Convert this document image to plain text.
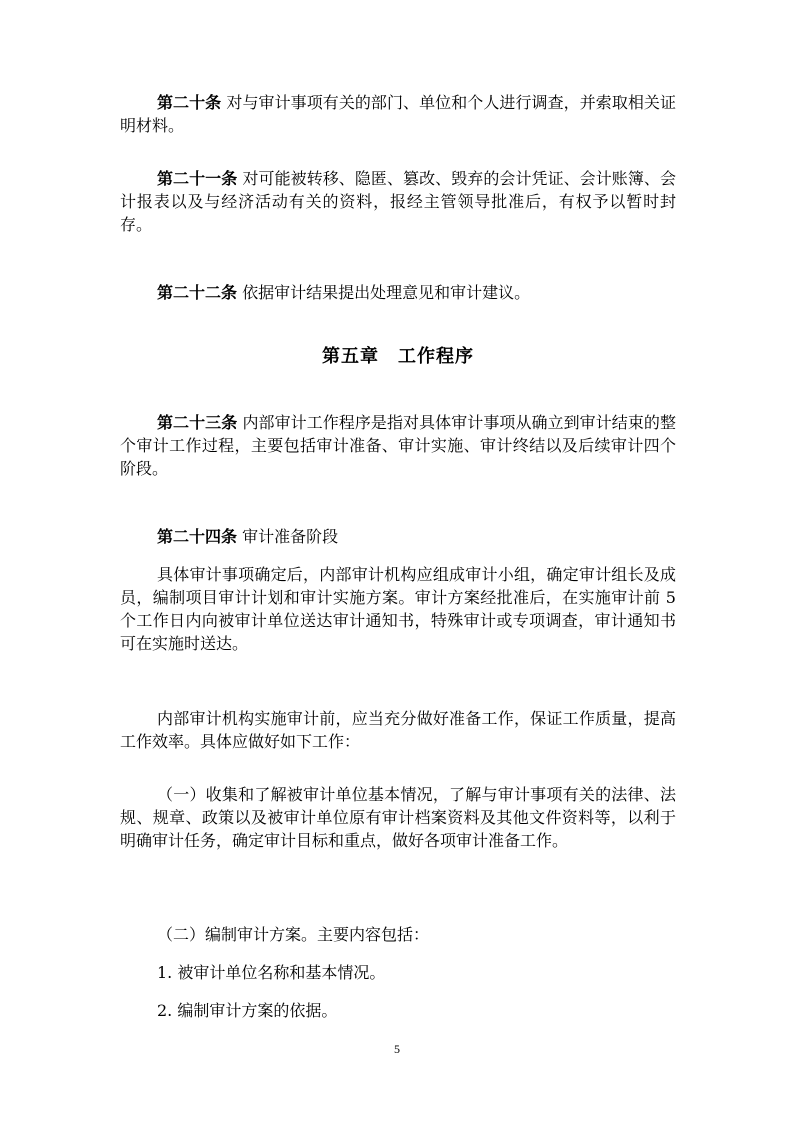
第二十条 对与审计事项有关的部门、单位和个人进行调查，并索取相关证明材料。

第二十一条 对可能被转移、隐匿、篡改、毁弃的会计凭证、会计账簿、会计报表以及与经济活动有关的资料，报经主管领导批准后，有权予以暂时封存。

第二十二条 依据审计结果提出处理意见和审计建议。

第五章　工作程序

第二十三条 内部审计工作程序是指对具体审计事项从确立到审计结束的整个审计工作过程，主要包括审计准备、审计实施、审计终结以及后续审计四个阶段。

第二十四条 审计准备阶段

具体审计事项确定后，内部审计机构应组成审计小组，确定审计组长及成员，编制项目审计计划和审计实施方案。审计方案经批准后，在实施审计前 5 个工作日内向被审计单位送达审计通知书，特殊审计或专项调查，审计通知书可在实施时送达。

内部审计机构实施审计前，应当充分做好准备工作，保证工作质量，提高工作效率。具体应做好如下工作：

（一）收集和了解被审计单位基本情况，了解与审计事项有关的法律、法规、规章、政策以及被审计单位原有审计档案资料及其他文件资料等，以利于明确审计任务，确定审计目标和重点，做好各项审计准备工作。

（二）编制审计方案。主要内容包括：

1. 被审计单位名称和基本情况。

2. 编制审计方案的依据。

5
